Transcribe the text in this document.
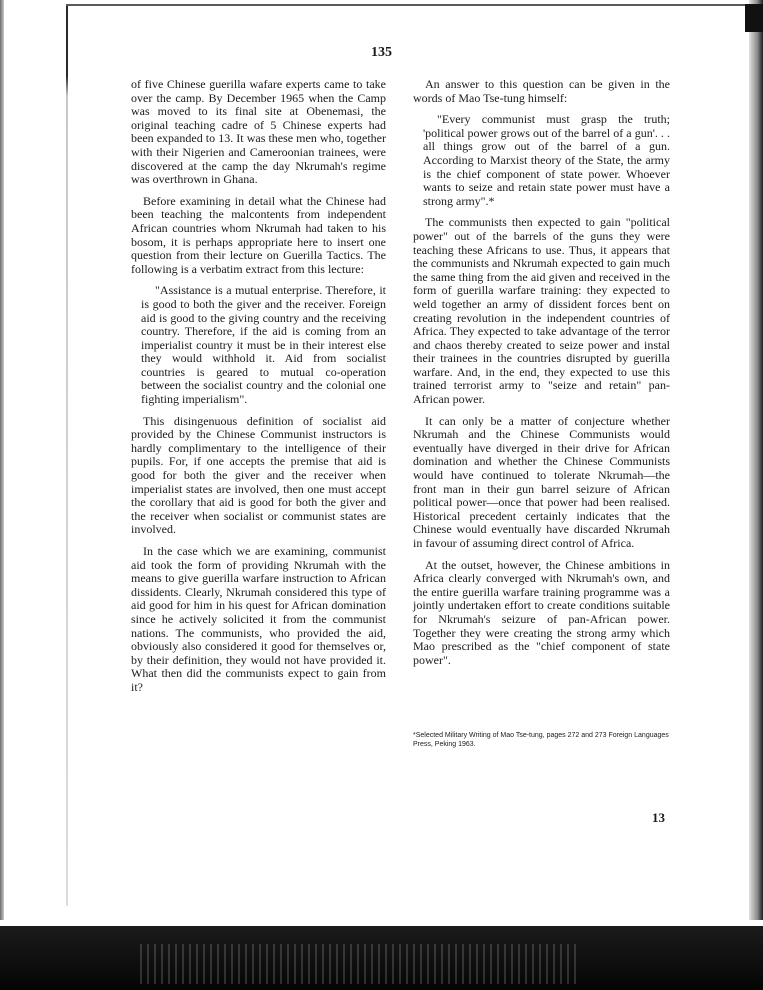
135

of five Chinese guerilla wafare experts came to take over the camp. By December 1965 when the Camp was moved to its final site at Obenemasi, the original teaching cadre of 5 Chinese experts had been expanded to 13. It was these men who, together with their Nigerien and Cameroonian trainees, were discovered at the camp the day Nkrumah's regime was overthrown in Ghana.

Before examining in detail what the Chinese had been teaching the malcontents from independent African countries whom Nkrumah had taken to his bosom, it is perhaps appropriate here to insert one question from their lecture on Guerilla Tactics. The following is a verbatim extract from this lecture:

"Assistance is a mutual enterprise. Therefore, it is good to both the giver and the receiver. Foreign aid is good to the giving country and the receiving country. Therefore, if the aid is coming from an imperialist country it must be in their interest else they would withhold it. Aid from socialist countries is geared to mutual co-operation between the socialist country and the colonial one fighting imperialism".

This disingenuous definition of socialist aid provided by the Chinese Communist instructors is hardly complimentary to the intelligence of their pupils. For, if one accepts the premise that aid is good for both the giver and the receiver when imperialist states are involved, then one must accept the corollary that aid is good for both the giver and the receiver when socialist or communist states are involved.

In the case which we are examining, communist aid took the form of providing Nkrumah with the means to give guerilla warfare instruction to African dissidents. Clearly, Nkrumah considered this type of aid good for him in his quest for African domination since he actively solicited it from the communist nations. The communists, who provided the aid, obviously also considered it good for themselves or, by their definition, they would not have provided it. What then did the communists expect to gain from it?

An answer to this question can be given in the words of Mao Tse-tung himself:

"Every communist must grasp the truth; 'political power grows out of the barrel of a gun'. . . all things grow out of the barrel of a gun. According to Marxist theory of the State, the army is the chief component of state power. Whoever wants to seize and retain state power must have a strong army".*

The communists then expected to gain "political power" out of the barrels of the guns they were teaching these Africans to use. Thus, it appears that the communists and Nkrumah expected to gain much the same thing from the aid given and received in the form of guerilla warfare training: they expected to weld together an army of dissident forces bent on creating revolution in the independent countries of Africa. They expected to take advantage of the terror and chaos thereby created to seize power and instal their trainees in the countries disrupted by guerilla warfare. And, in the end, they expected to use this trained terrorist army to "seize and retain" pan-African power.

It can only be a matter of conjecture whether Nkrumah and the Chinese Communists would eventually have diverged in their drive for African domination and whether the Chinese Communists would have continued to tolerate Nkrumah—the front man in their gun barrel seizure of African political power—once that power had been realised. Historical precedent certainly indicates that the Chinese would eventually have discarded Nkrumah in favour of assuming direct control of Africa.

At the outset, however, the Chinese ambitions in Africa clearly converged with Nkrumah's own, and the entire guerilla warfare training programme was a jointly undertaken effort to create conditions suitable for Nkrumah's seizure of pan-African power. Together they were creating the strong army which Mao prescribed as the "chief component of state power".

*Selected Military Writing of Mao Tse-tung, pages 272 and 273 Foreign Languages Press, Peking 1963.
13
